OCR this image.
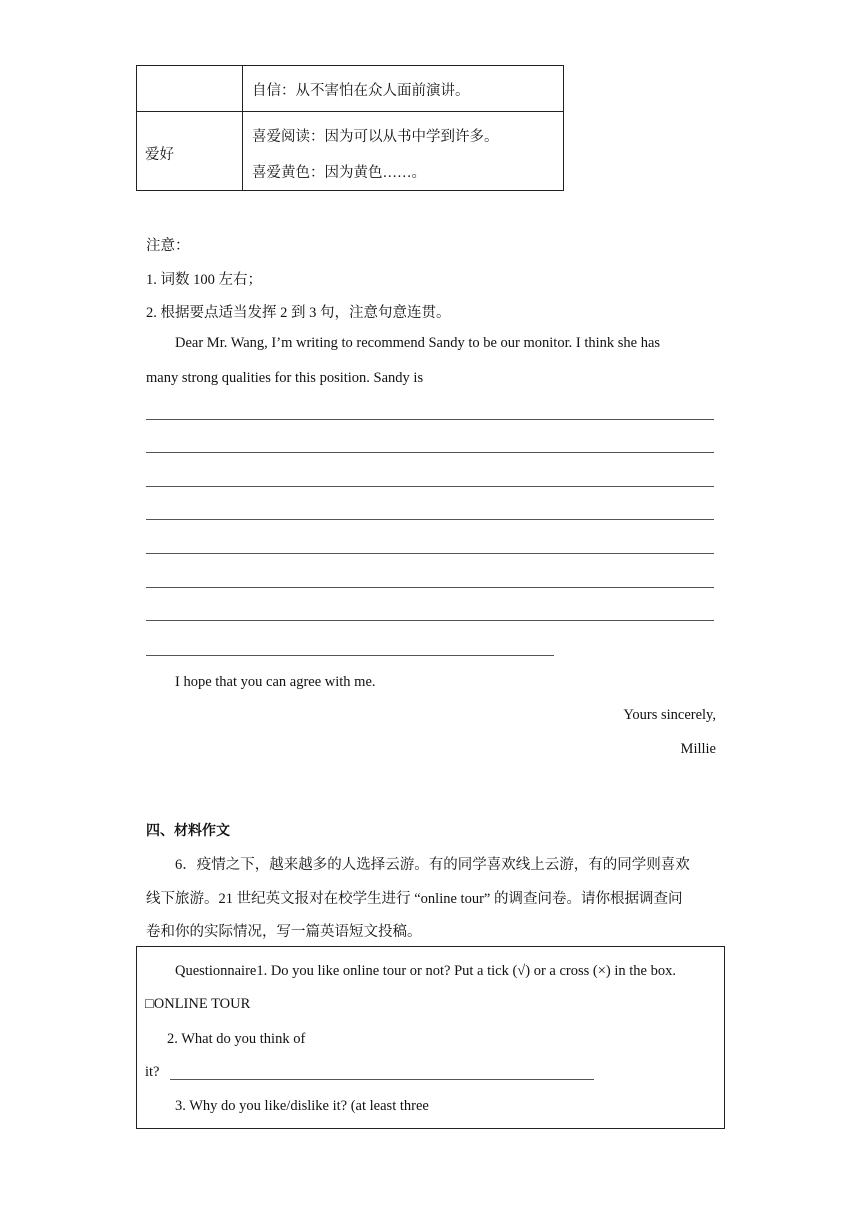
自信：从不害怕在众人面前演讲。
爱好
喜爱阅读：因为可以从书中学到许多。
喜爱黄色：因为黄色……。
注意：
1. 词数 100 左右；
2. 根据要点适当发挥 2 到 3 句，注意句意连贯。
Dear Mr. Wang, I’m writing to recommend Sandy to be our monitor. I think she has
many strong qualities for this position. Sandy is
I hope that you can agree with me.
Yours sincerely,
Millie
四、材料作文
6．疫情之下，越来越多的人选择云游。有的同学喜欢线上云游，有的同学则喜欢
线下旅游。21 世纪英文报对在校学生进行 “online tour” 的调查问卷。请你根据调查问
卷和你的实际情况，写一篇英语短文投稿。
Questionnaire1. Do you like online tour or not? Put a tick (√) or a cross (×) in the box.
□ONLINE TOUR
2. What do you think of
it?
3. Why do you like/dislike it? (at least three
